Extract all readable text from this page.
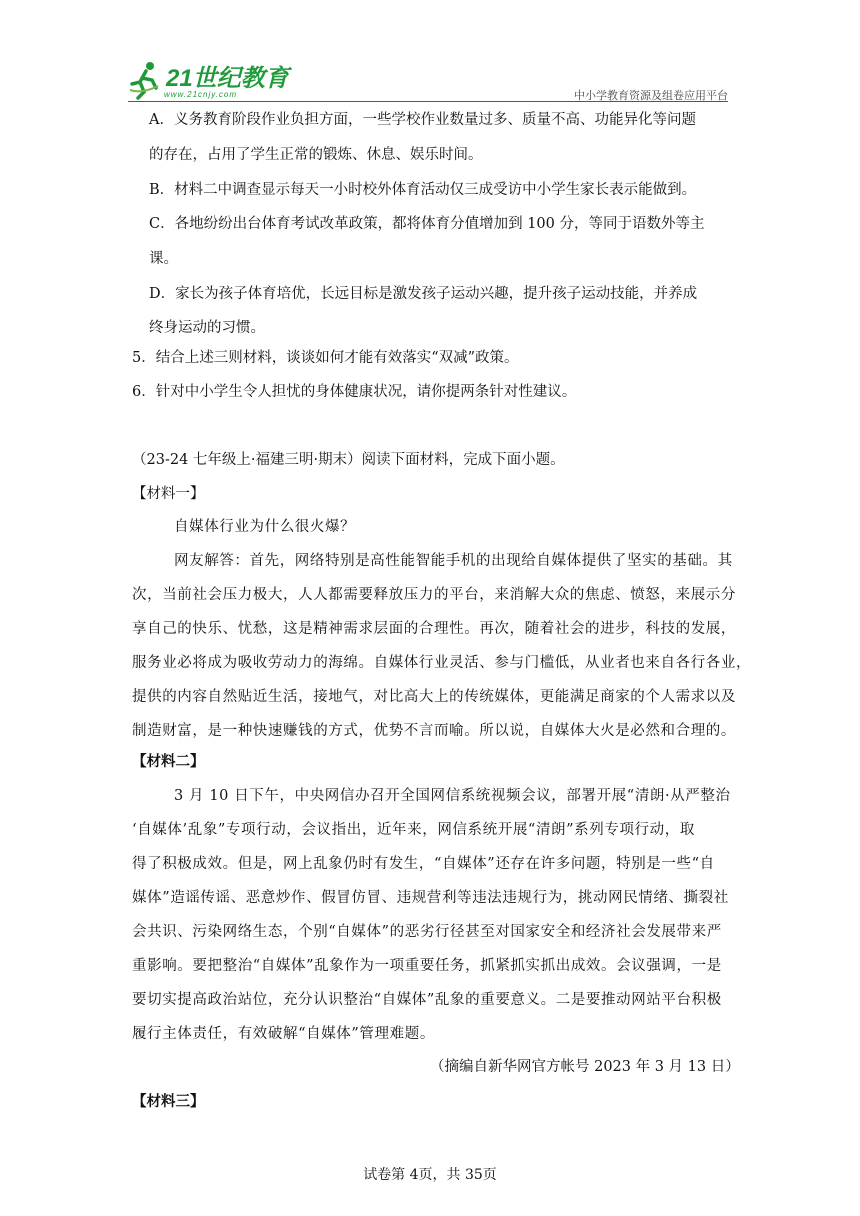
21世纪教育
www.21cnjy.com	中小学教育资源及组卷应用平台
A．义务教育阶段作业负担方面，一些学校作业数量过多、质量不高、功能异化等问题
的存在，占用了学生正常的锻炼、休息、娱乐时间。
B．材料二中调查显示每天一小时校外体育活动仅三成受访中小学生家长表示能做到。
C．各地纷纷出台体育考试改革政策，都将体育分值增加到 100 分，等同于语数外等主
课。
D．家长为孩子体育培优，长远目标是激发孩子运动兴趣，提升孩子运动技能，并养成
终身运动的习惯。
5．结合上述三则材料，谈谈如何才能有效落实“双减”政策。
6．针对中小学生令人担忧的身体健康状况，请你提两条针对性建议。
（23-24 七年级上·福建三明·期末）阅读下面材料，完成下面小题。
【材料一】
自媒体行业为什么很火爆？
网友解答：首先，网络特别是高性能智能手机的出现给自媒体提供了坚实的基础。其
次，当前社会压力极大，人人都需要释放压力的平台，来消解大众的焦虑、愤怒，来展示分
享自己的快乐、忧愁，这是精神需求层面的合理性。再次，随着社会的进步，科技的发展，
服务业必将成为吸收劳动力的海绵。自媒体行业灵活、参与门槛低，从业者也来自各行各业，
提供的内容自然贴近生活，接地气，对比高大上的传统媒体，更能满足商家的个人需求以及
制造财富，是一种快速赚钱的方式，优势不言而喻。所以说，自媒体大火是必然和合理的。
【材料二】
3 月 10 日下午，中央网信办召开全国网信系统视频会议，部署开展“清朗·从严整治
‘自媒体’乱象”专项行动，会议指出，近年来，网信系统开展“清朗”系列专项行动，取
得了积极成效。但是，网上乱象仍时有发生，“自媒体”还存在许多问题，特别是一些“自
媒体”造谣传谣、恶意炒作、假冒仿冒、违规营利等违法违规行为，挑动网民情绪、撕裂社
会共识、污染网络生态，个别“自媒体”的恶劣行径甚至对国家安全和经济社会发展带来严
重影响。要把整治“自媒体”乱象作为一项重要任务，抓紧抓实抓出成效。会议强调，一是
要切实提高政治站位，充分认识整治“自媒体”乱象的重要意义。二是要推动网站平台积极
履行主体责任，有效破解“自媒体”管理难题。
（摘编自新华网官方帐号 2023 年 3 月 13 日）
【材料三】
试卷第 4页，共 35页
